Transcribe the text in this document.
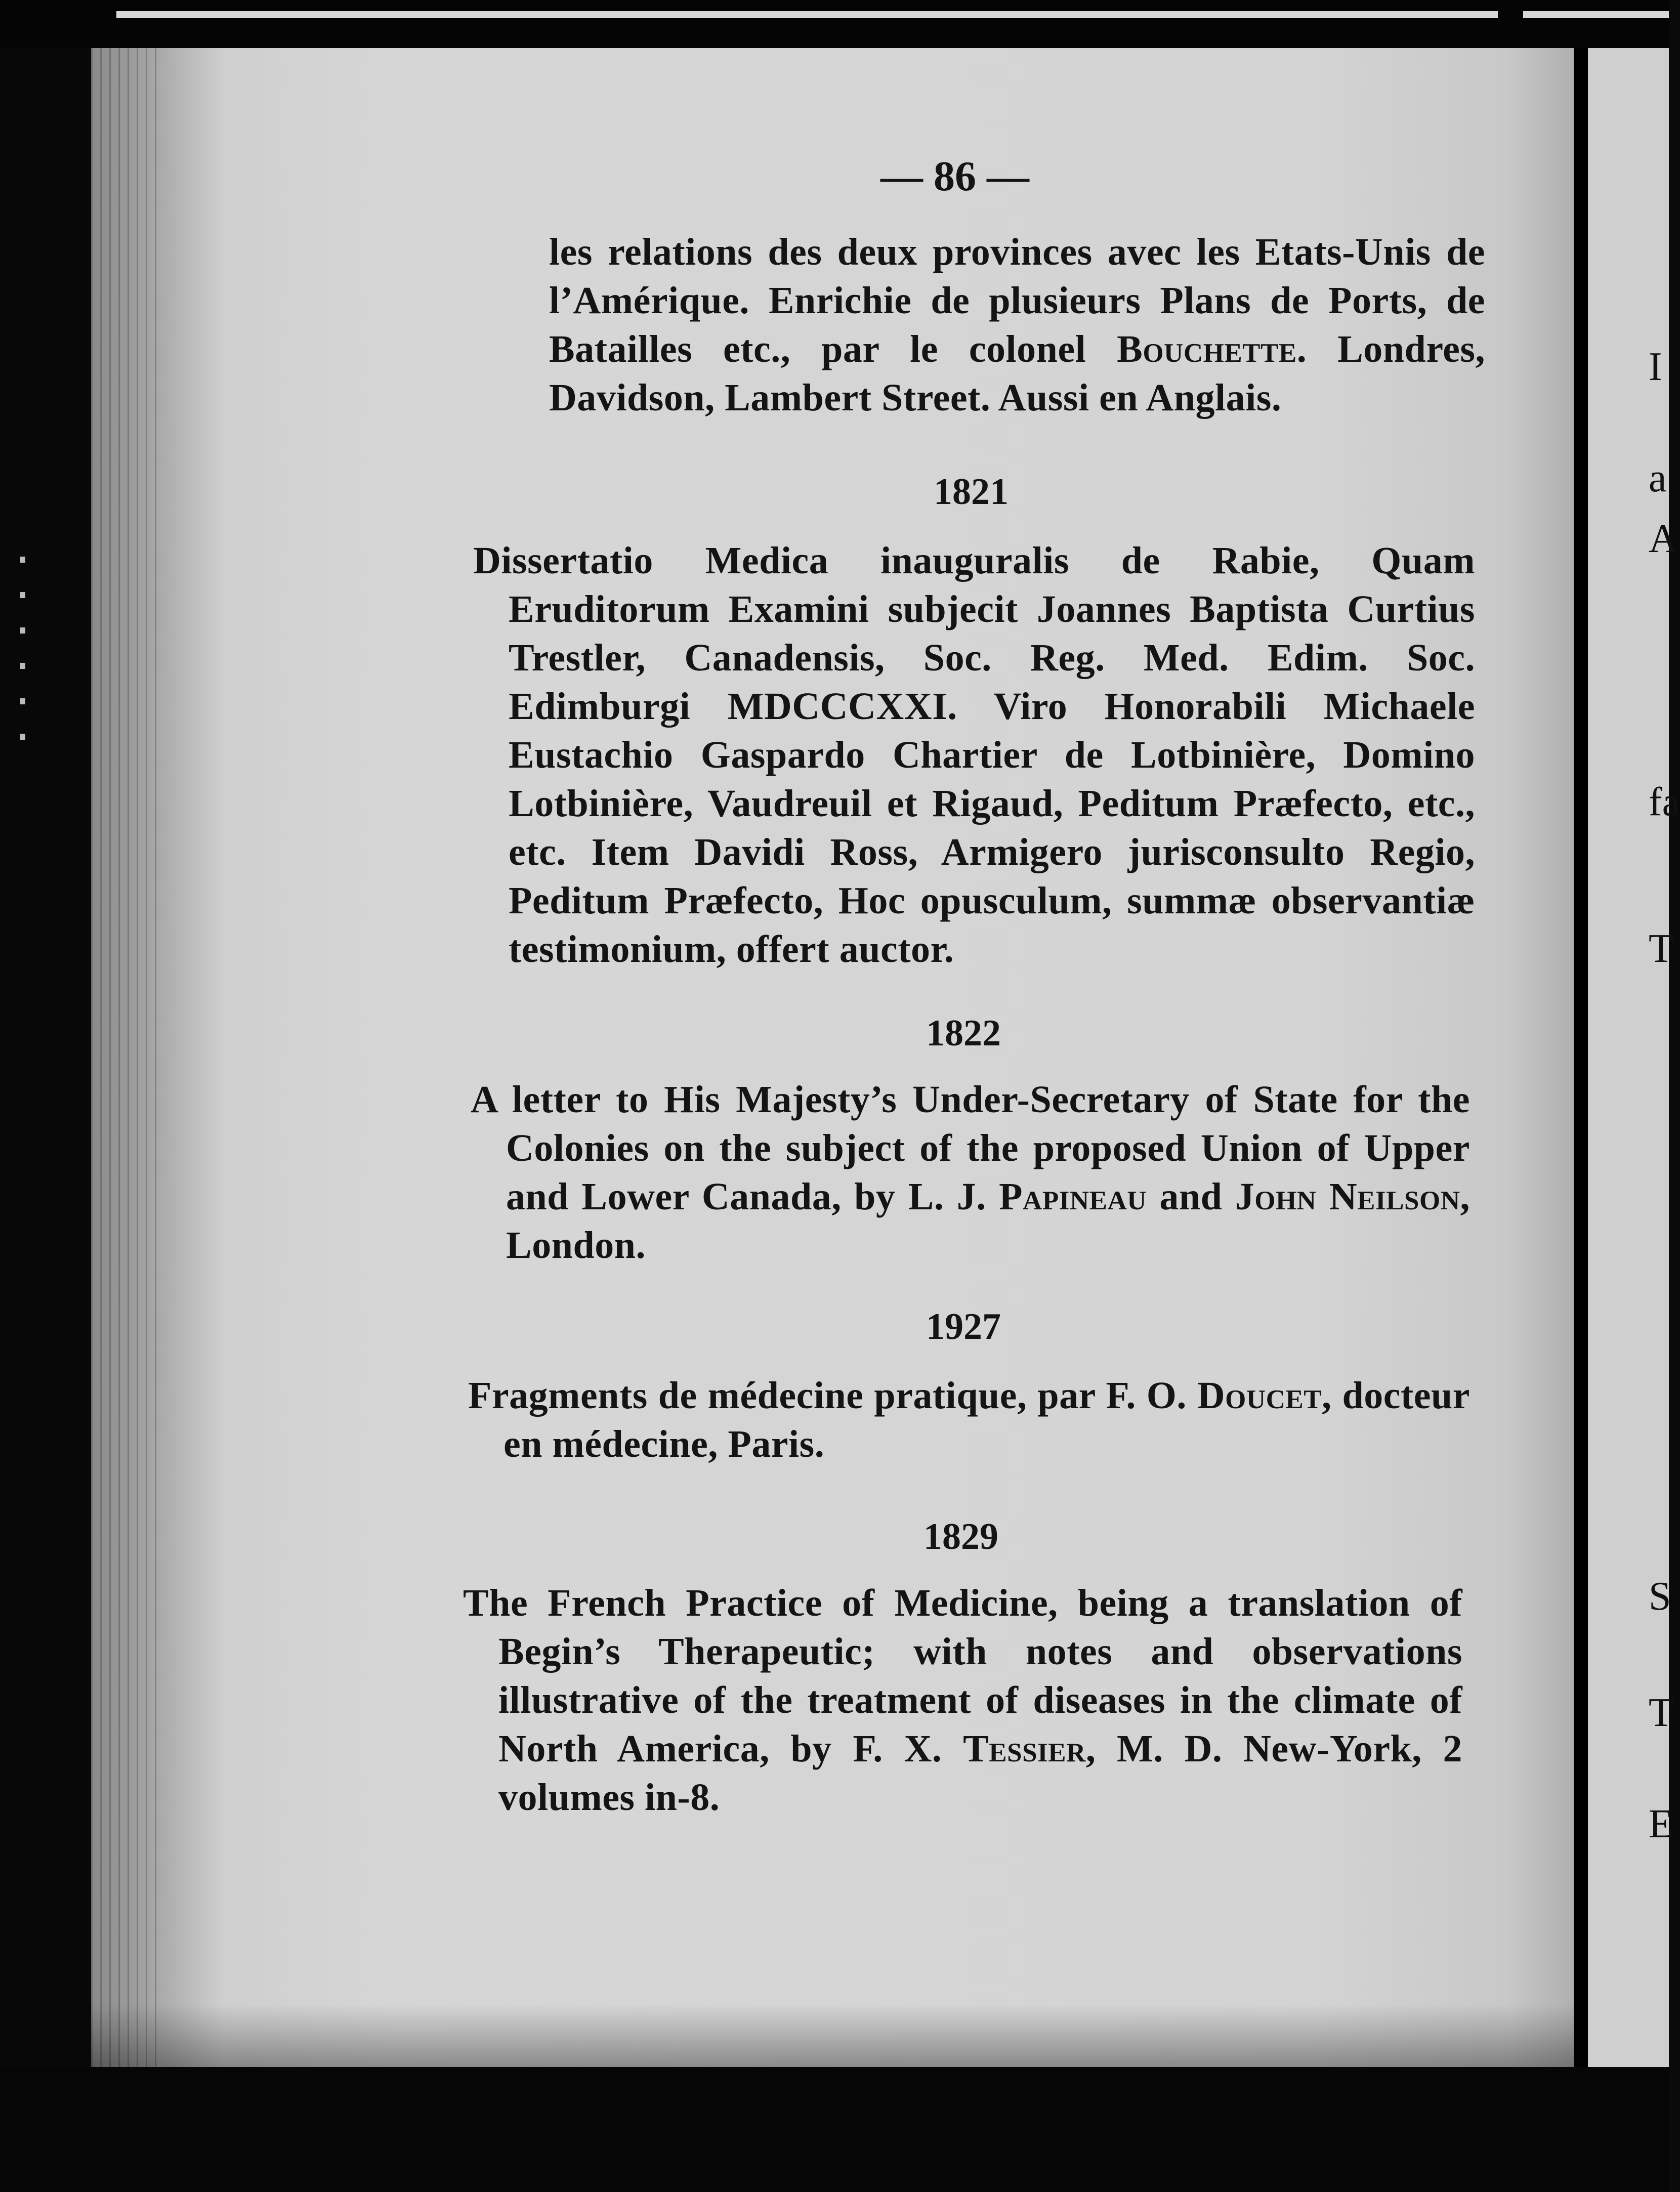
I
a
A
fa
T
S
T
E
— 86 —

les relations des deux provinces avec les Etats-Unis de l’Amérique. Enrichie de plusieurs Plans de Ports, de Batailles etc., par le colonel Bouchette. Londres, Davidson, Lambert Street. Aussi en Anglais.

1821

Dissertatio Medica inauguralis de Rabie, Quam Eruditorum Examini subjecit Joannes Baptista Curtius Trestler, Canadensis, Soc. Reg. Med. Edim. Soc. Edimburgi MDCCCXXI. Viro Honorabili Michaele Eustachio Gaspardo Chartier de Lotbinière, Domino Lotbinière, Vaudreuil et Rigaud, Peditum Præfecto, etc., etc. Item Davidi Ross, Armigero jurisconsulto Regio, Peditum Præfecto, Hoc opusculum, summæ observantiæ testimonium, offert auctor.

1822

A letter to His Majesty’s Under-Secretary of State for the Colonies on the subject of the proposed Union of Upper and Lower Canada, by L. J. Papineau and John Neilson, London.

1927

Fragments de médecine pratique, par F. O. Doucet, docteur en médecine, Paris.

1829

The French Practice of Medicine, being a translation of Begin’s Therapeutic; with notes and observations illustrative of the treatment of diseases in the climate of North America, by F. X. Tessier, M. D. New-York, 2 volumes in-8.
